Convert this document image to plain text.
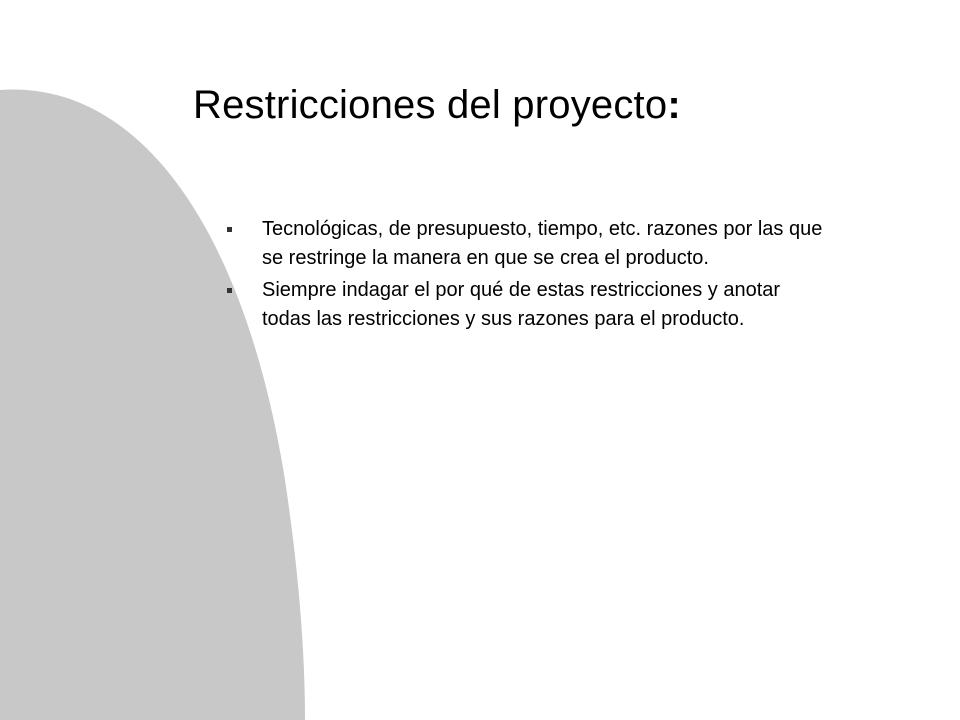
Restricciones del proyecto:
Tecnológicas, de presupuesto, tiempo, etc. razones por las que se restringe la manera en que se crea el producto.
Siempre indagar el por qué de estas restricciones y anotar todas las restricciones y sus razones para el producto.
